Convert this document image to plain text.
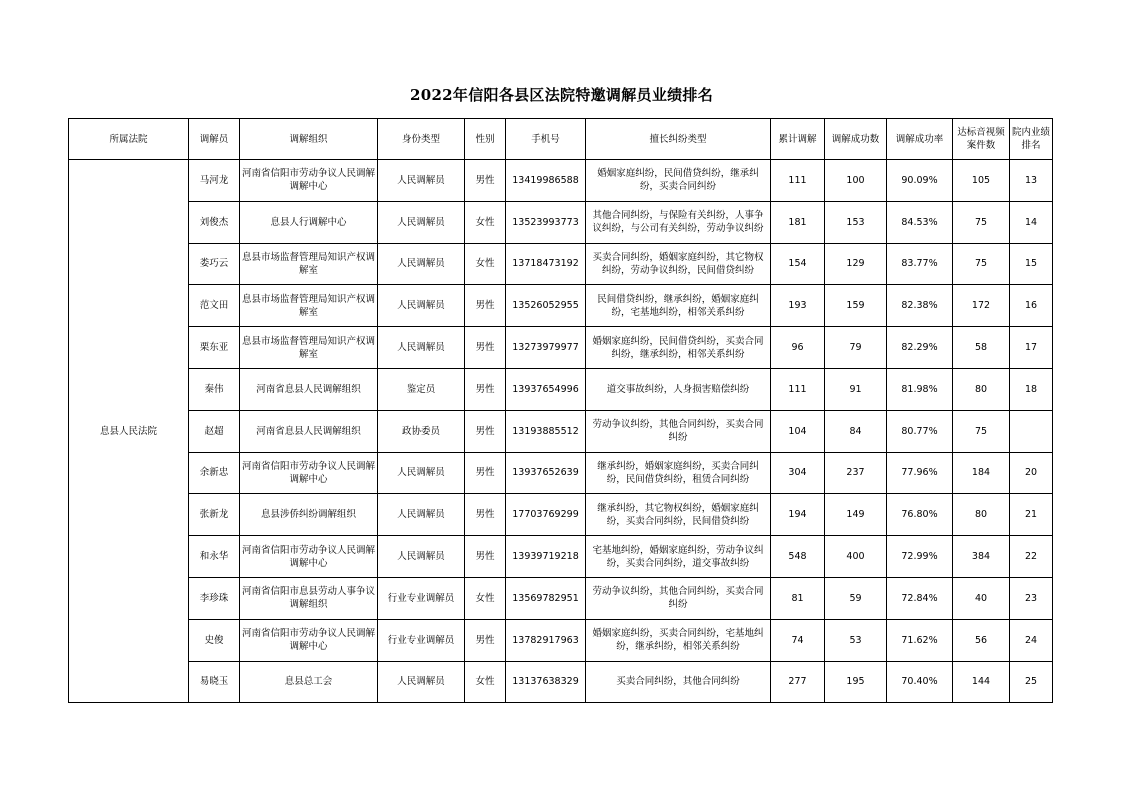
2022年信阳各县区法院特邀调解员业绩排名
所属法院	调解员	调解组织	身份类型	性别	手机号	擅长纠纷类型	累计调解	调解成功数	调解成功率	达标音视频案件数	院内业绩排名
息县人民法院	马河龙	河南省信阳市劳动争议人民调解调解中心	人民调解员	男性	13419986588	婚姻家庭纠纷，民间借贷纠纷，继承纠纷，买卖合同纠纷	111	100	90.09%	105	13
	刘俊杰	息县人行调解中心	人民调解员	女性	13523993773	其他合同纠纷，与保险有关纠纷，人事争议纠纷，与公司有关纠纷，劳动争议纠纷	181	153	84.53%	75	14
	娄巧云	息县市场监督管理局知识产权调解室	人民调解员	女性	13718473192	买卖合同纠纷，婚姻家庭纠纷，其它物权纠纷，劳动争议纠纷，民间借贷纠纷	154	129	83.77%	75	15
	范文田	息县市场监督管理局知识产权调解室	人民调解员	男性	13526052955	民间借贷纠纷，继承纠纷，婚姻家庭纠纷，宅基地纠纷，相邻关系纠纷	193	159	82.38%	172	16
	栗东亚	息县市场监督管理局知识产权调解室	人民调解员	男性	13273979977	婚姻家庭纠纷，民间借贷纠纷，买卖合同纠纷，继承纠纷，相邻关系纠纷	96	79	82.29%	58	17
	秦伟	河南省息县人民调解组织	鉴定员	男性	13937654996	道交事故纠纷，人身损害赔偿纠纷	111	91	81.98%	80	18
	赵超	河南省息县人民调解组织	政协委员	男性	13193885512	劳动争议纠纷，其他合同纠纷，买卖合同纠纷	104	84	80.77%	75	
	余新忠	河南省信阳市劳动争议人民调解调解中心	人民调解员	男性	13937652639	继承纠纷，婚姻家庭纠纷，买卖合同纠纷，民间借贷纠纷，租赁合同纠纷	304	237	77.96%	184	20
	张新龙	息县涉侨纠纷调解组织	人民调解员	男性	17703769299	继承纠纷，其它物权纠纷，婚姻家庭纠纷，买卖合同纠纷，民间借贷纠纷	194	149	76.80%	80	21
	和永华	河南省信阳市劳动争议人民调解调解中心	人民调解员	男性	13939719218	宅基地纠纷，婚姻家庭纠纷，劳动争议纠纷，买卖合同纠纷，道交事故纠纷	548	400	72.99%	384	22
	李珍珠	河南省信阳市息县劳动人事争议调解组织	行业专业调解员	女性	13569782951	劳动争议纠纷，其他合同纠纷，买卖合同纠纷	81	59	72.84%	40	23
	史俊	河南省信阳市劳动争议人民调解调解中心	行业专业调解员	男性	13782917963	婚姻家庭纠纷，买卖合同纠纷，宅基地纠纷，继承纠纷，相邻关系纠纷	74	53	71.62%	56	24
	易晓玉	息县总工会	人民调解员	女性	13137638329	买卖合同纠纷，其他合同纠纷	277	195	70.40%	144	25
